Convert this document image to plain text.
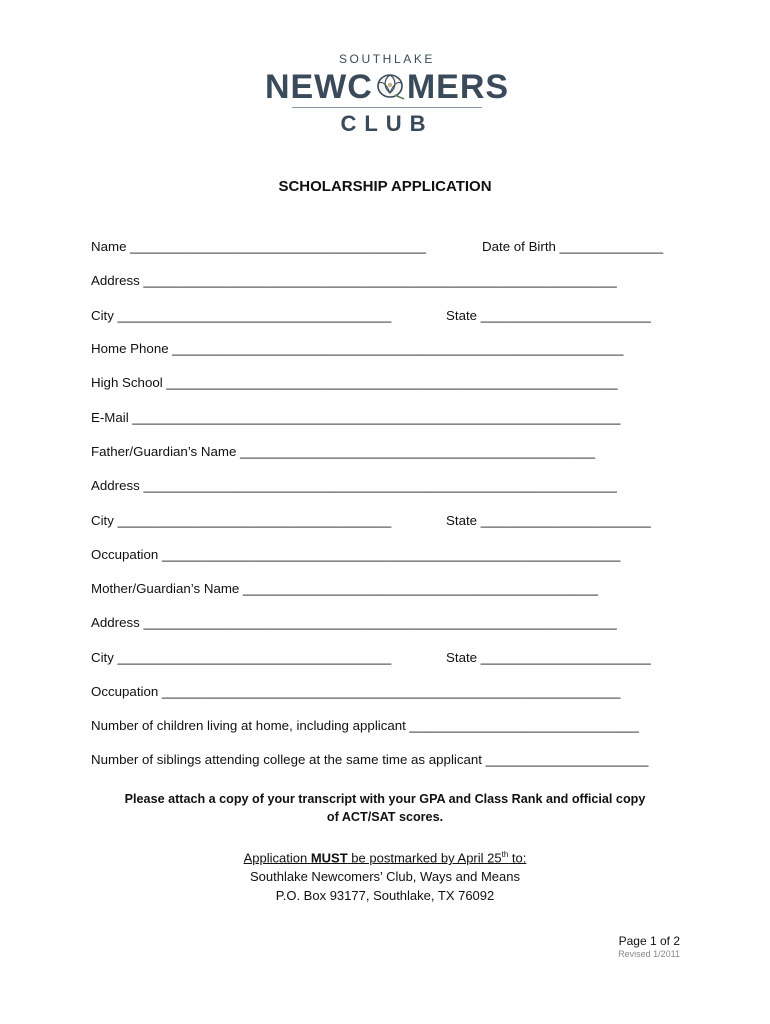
SOUTHLAKE
NEWC MERS
CLUB
SCHOLARSHIP APPLICATION
Name ________________________________________	Date of Birth ______________
Address ________________________________________________________________
City _____________________________________	State _______________________
Home Phone _____________________________________________________________
High School _____________________________________________________________
E-Mail __________________________________________________________________
Father/Guardian’s Name ________________________________________________
Address ________________________________________________________________
City _____________________________________	State _______________________
Occupation ______________________________________________________________
Mother/Guardian’s Name ________________________________________________
Address ________________________________________________________________
City _____________________________________	State _______________________
Occupation ______________________________________________________________
Number of children living at home, including applicant _______________________________
Number of siblings attending college at the same time as applicant ______________________
Please attach a copy of your transcript with your GPA and Class Rank and official copy
of ACT/SAT scores.
Application MUST be postmarked by April 25th to:
Southlake Newcomers’ Club, Ways and Means
P.O. Box 93177, Southlake, TX 76092
Page 1 of 2
Revised 1/2011
